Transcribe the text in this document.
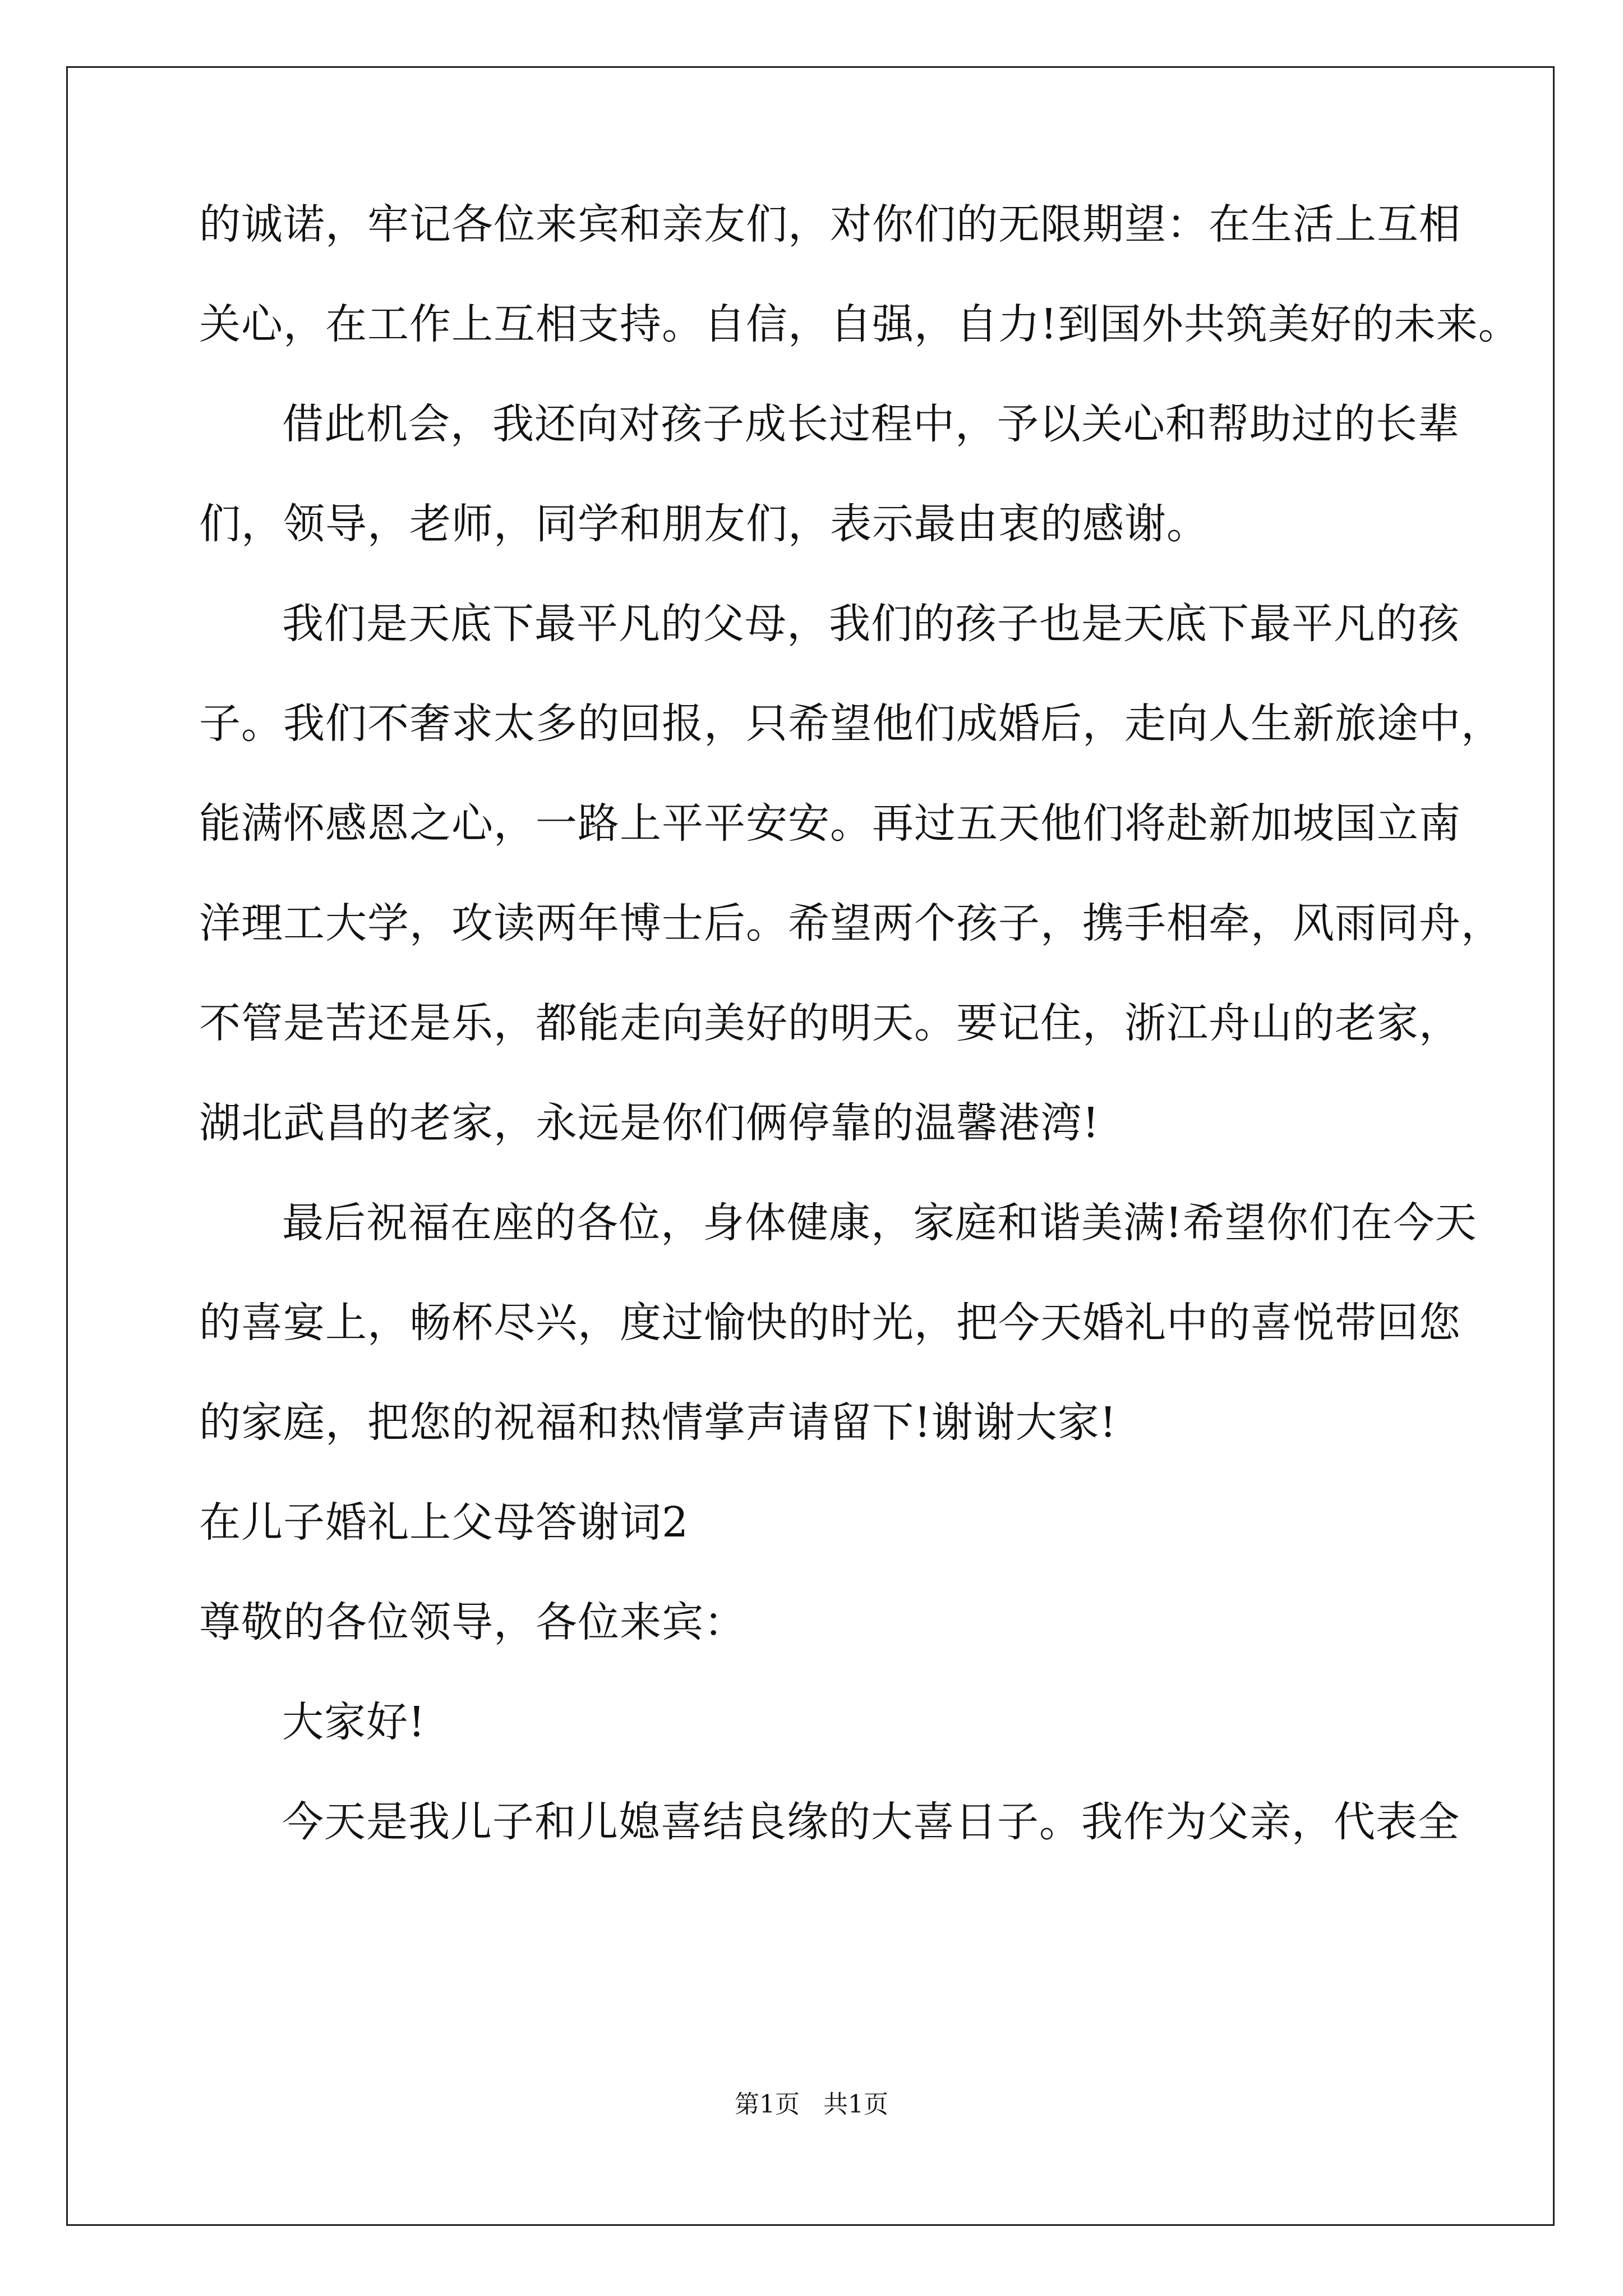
的诚诺，牢记各位来宾和亲友们，对你们的无限期望：在生活上互相
关心，在工作上互相支持。自信，自强，自力!到国外共筑美好的未来。
借此机会，我还向对孩子成长过程中，予以关心和帮助过的长辈
们，领导，老师，同学和朋友们，表示最由衷的感谢。
我们是天底下最平凡的父母，我们的孩子也是天底下最平凡的孩
子。我们不奢求太多的回报，只希望他们成婚后，走向人生新旅途中，
能满怀感恩之心，一路上平平安安。再过五天他们将赴新加坡国立南
洋理工大学，攻读两年博士后。希望两个孩子，携手相牵，风雨同舟，
不管是苦还是乐，都能走向美好的明天。要记住，浙江舟山的老家，
湖北武昌的老家，永远是你们俩停靠的温馨港湾!
最后祝福在座的各位，身体健康，家庭和谐美满!希望你们在今天
的喜宴上，畅杯尽兴，度过愉快的时光，把今天婚礼中的喜悦带回您
的家庭，把您的祝福和热情掌声请留下!谢谢大家!
在儿子婚礼上父母答谢词2
尊敬的各位领导，各位来宾：
大家好!
今天是我儿子和儿媳喜结良缘的大喜日子。我作为父亲，代表全
第1页   共1页
